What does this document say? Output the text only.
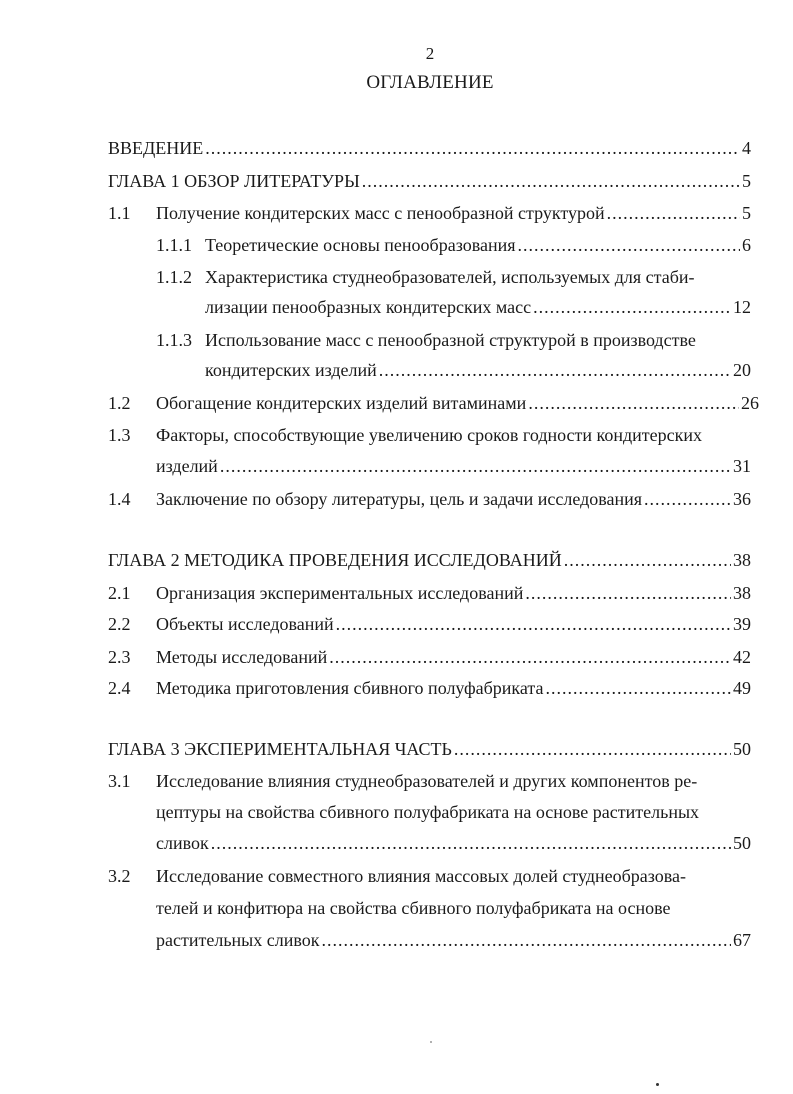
2
ОГЛАВЛЕНИЕ
ВВЕДЕНИЕ .....	4
ГЛАВА 1 ОБЗОР ЛИТЕРАТУРЫ .....	5
1.1	Получение кондитерских масс с пенообразной структурой .....	5
1.1.1 Теоретические основы пенообразования .....	6
1.1.2 Характеристика студнеобразователей, используемых для стаби-
лизации пенообразных кондитерских масс .....	12
1.1.3 Использование масс с пенообразной структурой в производстве
кондитерских изделий .....	20
1.2	Обогащение кондитерских изделий витаминами .....	26
1.3	Факторы, способствующие увеличению сроков годности кондитерских
изделий .....	31
1.4	Заключение по обзору литературы, цель и задачи исследования .....	36
ГЛАВА 2 МЕТОДИКА ПРОВЕДЕНИЯ ИССЛЕДОВАНИЙ .....	38
2.1	Организация экспериментальных исследований .....	38
2.2	Объекты исследований .....	39
2.3	Методы исследований .....	42
2.4	Методика приготовления сбивного полуфабриката .....	49
ГЛАВА 3 ЭКСПЕРИМЕНТАЛЬНАЯ ЧАСТЬ .....	50
3.1	Исследование влияния студнеобразователей и других компонентов ре-
цептуры на свойства сбивного полуфабриката на основе растительных
сливок .....	50
3.2	Исследование совместного влияния массовых долей студнеобразова-
телей и конфитюра на свойства сбивного полуфабриката на основе
растительных сливок .....	67
